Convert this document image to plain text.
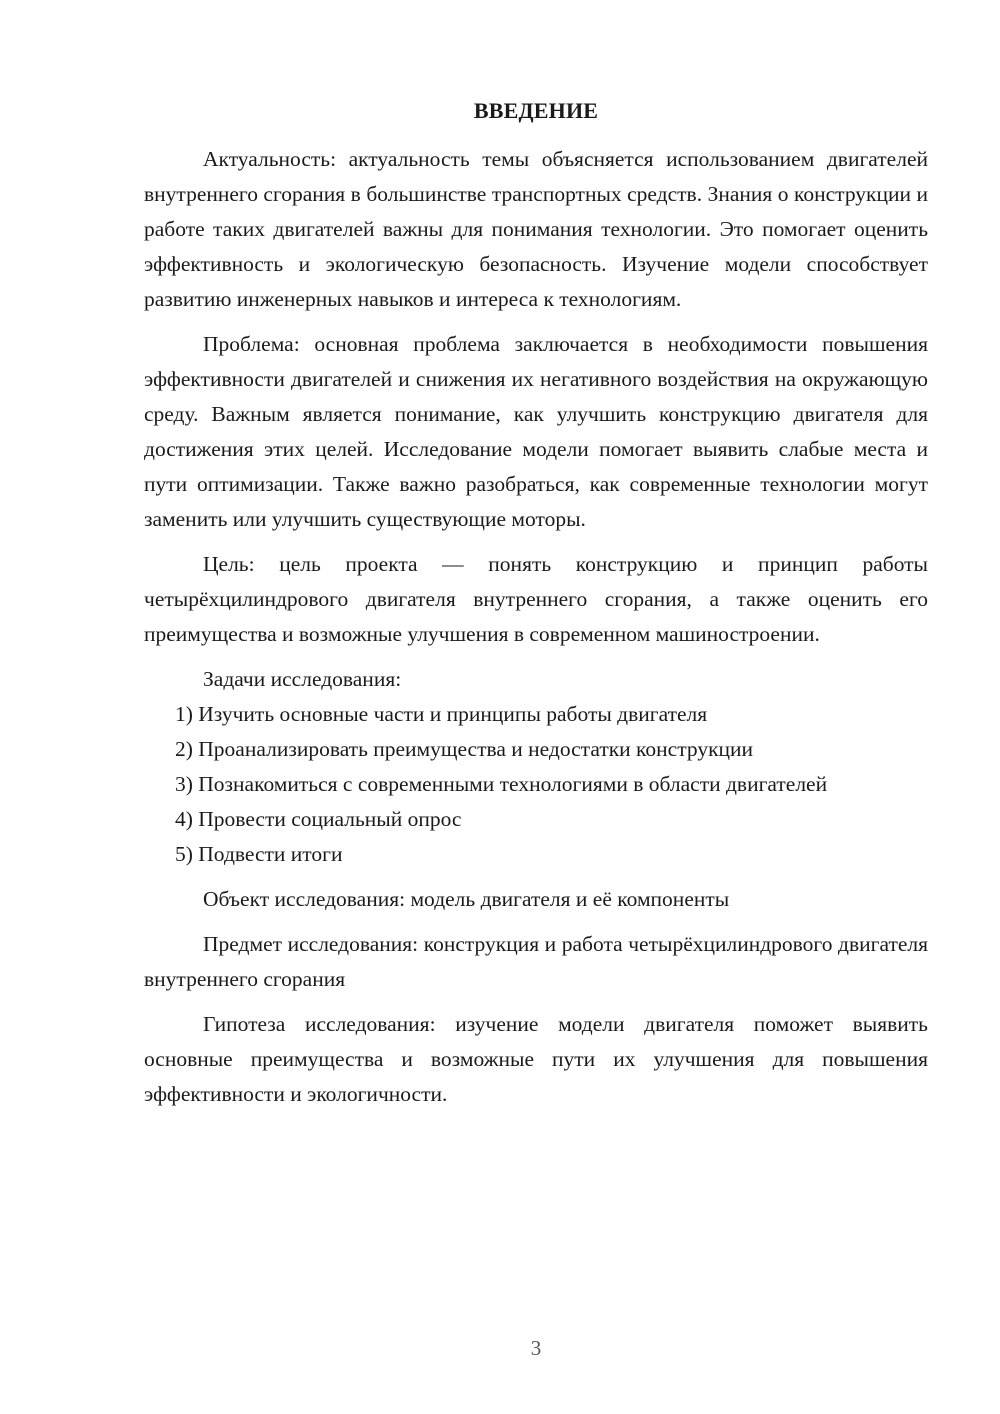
ВВЕДЕНИЕ

Актуальность: актуальность темы объясняется использованием двигателей внутреннего сгорания в большинстве транспортных средств. Знания о конструкции и работе таких двигателей важны для понимания технологии. Это помогает оценить эффективность и экологическую безопасность. Изучение модели способствует развитию инженерных навыков и интереса к технологиям.

Проблема: основная проблема заключается в необходимости повышения эффективности двигателей и снижения их негативного воздействия на окружающую среду. Важным является понимание, как улучшить конструкцию двигателя для достижения этих целей. Исследование модели помогает выявить слабые места и пути оптимизации. Также важно разобраться, как современные технологии могут заменить или улучшить существующие моторы.

Цель: цель проекта — понять конструкцию и принцип работы четырёхцилиндрового двигателя внутреннего сгорания, а также оценить его преимущества и возможные улучшения в современном машиностроении.

Задачи исследования:

1) Изучить основные части и принципы работы двигателя

2) Проанализировать преимущества и недостатки конструкции

3) Познакомиться с современными технологиями в области двигателей

4) Провести социальный опрос

5) Подвести итоги

Объект исследования: модель двигателя и её компоненты

Предмет исследования: конструкция и работа четырёхцилиндрового двигателя внутреннего сгорания

Гипотеза исследования: изучение модели двигателя поможет выявить основные преимущества и возможные пути их улучшения для повышения эффективности и экологичности.

3
